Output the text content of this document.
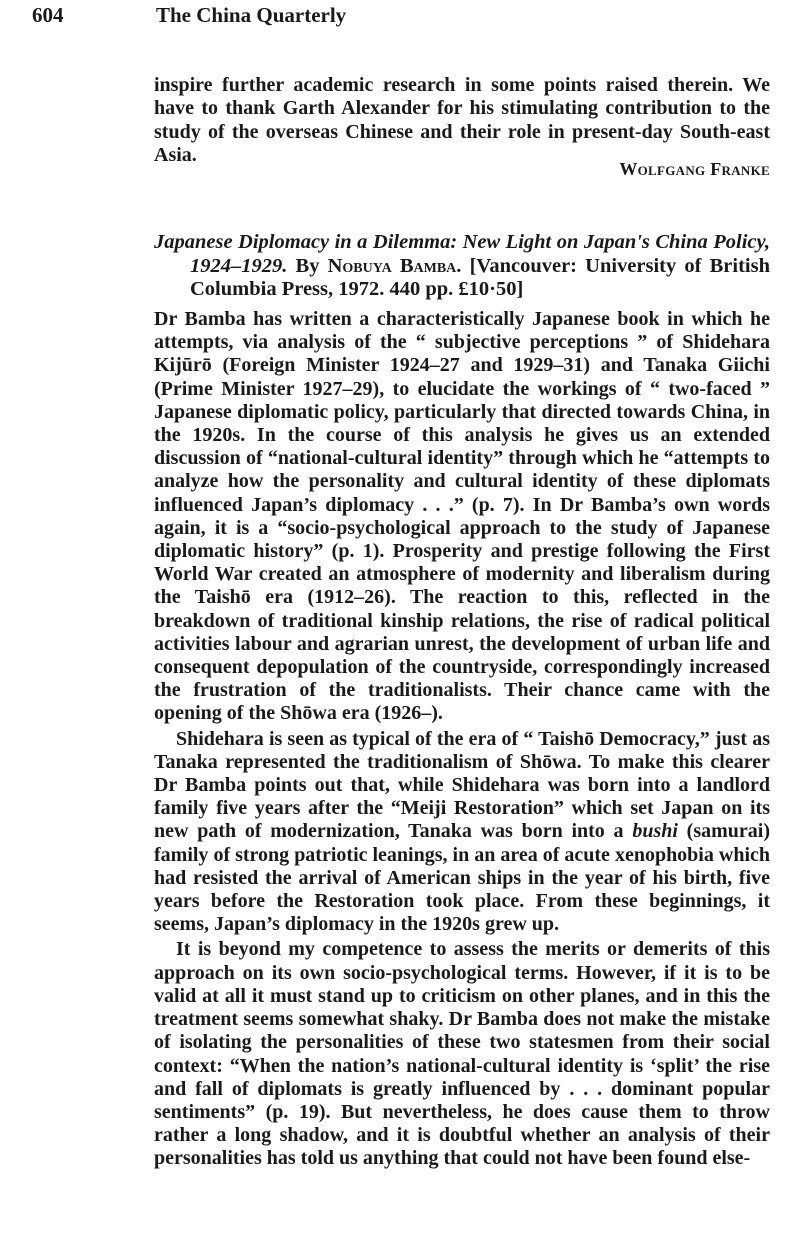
604	The China Quarterly
inspire further academic research in some points raised therein. We
have to thank Garth Alexander for his stimulating contribution to the
study of the overseas Chinese and their role in present-day South-east
Asia.
Wolfgang Franke
Japanese Diplomacy in a Dilemma: New Light on Japan's China Policy,
1924–1929. By Nobuya Bamba. [Vancouver: University of British
Columbia Press, 1972. 440 pp. £10·50]

Dr Bamba has written a characteristically Japanese book in which he attempts, via analysis of the “ subjective perceptions ” of Shidehara Kijūrō (Foreign Minister 1924–27 and 1929–31) and Tanaka Giichi (Prime Minister 1927–29), to elucidate the workings of “ two-faced ” Japanese diplomatic policy, particularly that directed towards China, in the 1920s. In the course of this analysis he gives us an extended discussion of “national-cultural identity” through which he “attempts to analyze how the personality and cultural identity of these diplomats influenced Japan’s diplomacy . . .” (p. 7). In Dr Bamba’s own words again, it is a “socio-psychological approach to the study of Japanese diplomatic history” (p. 1). Prosperity and prestige following the First World War created an atmosphere of modernity and liberalism during the Taishō era (1912–26). The reaction to this, reflected in the breakdown of traditional kinship relations, the rise of radical political activities labour and agrarian unrest, the development of urban life and consequent depopulation of the countryside, correspondingly increased the frustration of the traditionalists. Their chance came with the opening of the Shōwa era (1926–).

Shidehara is seen as typical of the era of “ Taishō Democracy,” just as Tanaka represented the traditionalism of Shōwa. To make this clearer Dr Bamba points out that, while Shidehara was born into a landlord family five years after the “Meiji Restoration” which set Japan on its new path of modernization, Tanaka was born into a bushi (samurai) family of strong patriotic leanings, in an area of acute xenophobia which had resisted the arrival of American ships in the year of his birth, five years before the Restoration took place. From these beginnings, it seems, Japan’s diplomacy in the 1920s grew up.

It is beyond my competence to assess the merits or demerits of this approach on its own socio-psychological terms. However, if it is to be valid at all it must stand up to criticism on other planes, and in this the treatment seems somewhat shaky. Dr Bamba does not make the mistake of isolating the personalities of these two statesmen from their social context: “When the nation’s national-cultural identity is ‘split’ the rise and fall of diplomats is greatly influenced by . . . dominant popular sentiments” (p. 19). But nevertheless, he does cause them to throw rather a long shadow, and it is doubtful whether an analysis of their personalities has told us anything that could not have been found else-
